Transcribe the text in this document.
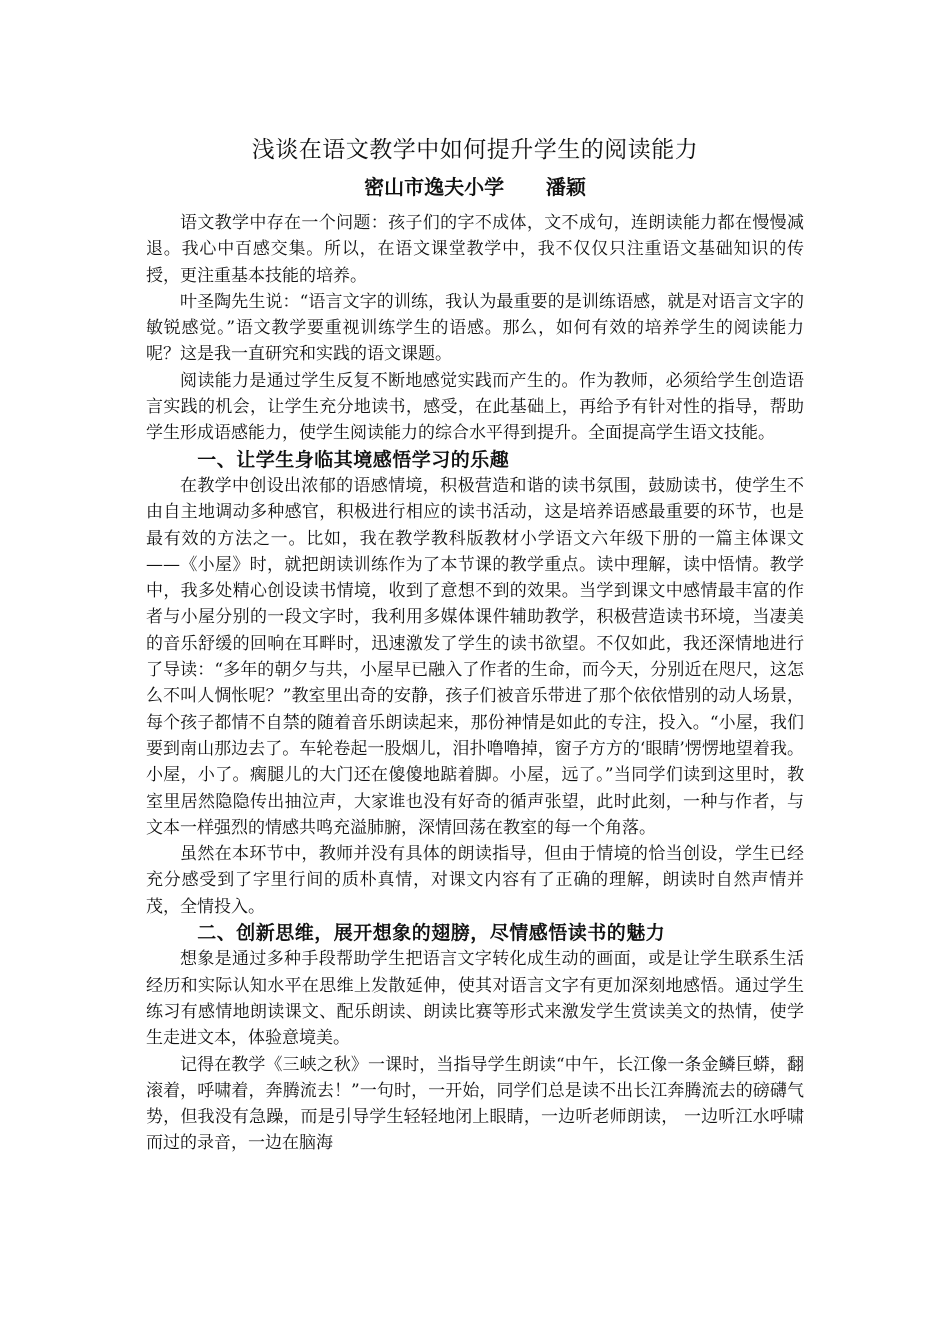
浅谈在语文教学中如何提升学生的阅读能力
密山市逸夫小学      潘颖

语文教学中存在一个问题：孩子们的字不成体，文不成句，连朗读能力都在慢慢减退。我心中百感交集。所以，在语文课堂教学中，我不仅仅只注重语文基础知识的传授，更注重基本技能的培养。

叶圣陶先生说：“语言文字的训练，我认为最重要的是训练语感，就是对语言文字的敏锐感觉。”语文教学要重视训练学生的语感。那么，如何有效的培养学生的阅读能力呢？这是我一直研究和实践的语文课题。

阅读能力是通过学生反复不断地感觉实践而产生的。作为教师，必须给学生创造语言实践的机会，让学生充分地读书，感受，在此基础上，再给予有针对性的指导，帮助学生形成语感能力，使学生阅读能力的综合水平得到提升。全面提高学生语文技能。

一、让学生身临其境感悟学习的乐趣

在教学中创设出浓郁的语感情境，积极营造和谐的读书氛围，鼓励读书，使学生不由自主地调动多种感官，积极进行相应的读书活动，这是培养语感最重要的环节，也是最有效的方法之一。比如，我在教学教科版教材小学语文六年级下册的一篇主体课文——《小屋》时，就把朗读训练作为了本节课的教学重点。读中理解，读中悟情。教学中，我多处精心创设读书情境，收到了意想不到的效果。当学到课文中感情最丰富的作者与小屋分别的一段文字时，我利用多媒体课件辅助教学，积极营造读书环境，当凄美的音乐舒缓的回响在耳畔时，迅速激发了学生的读书欲望。不仅如此，我还深情地进行了导读：“多年的朝夕与共，小屋早已融入了作者的生命，而今天，分别近在咫尺，这怎么不叫人惆怅呢？”教室里出奇的安静，孩子们被音乐带进了那个依依惜别的动人场景，每个孩子都情不自禁的随着音乐朗读起来，那份神情是如此的专注，投入。“小屋，我们要到南山那边去了。车轮卷起一股烟儿，泪扑噜噜掉，窗子方方的‘眼睛’愣愣地望着我。小屋，小了。瘸腿儿的大门还在傻傻地踮着脚。小屋，远了。”当同学们读到这里时，教室里居然隐隐传出抽泣声，大家谁也没有好奇的循声张望，此时此刻，一种与作者，与文本一样强烈的情感共鸣充溢肺腑，深情回荡在教室的每一个角落。

虽然在本环节中，教师并没有具体的朗读指导，但由于情境的恰当创设，学生已经充分感受到了字里行间的质朴真情，对课文内容有了正确的理解，朗读时自然声情并茂，全情投入。

二、创新思维，展开想象的翅膀，尽情感悟读书的魅力

想象是通过多种手段帮助学生把语言文字转化成生动的画面，或是让学生联系生活经历和实际认知水平在思维上发散延伸，使其对语言文字有更加深刻地感悟。通过学生练习有感情地朗读课文、配乐朗读、朗读比赛等形式来激发学生赏读美文的热情，使学生走进文本，体验意境美。

记得在教学《三峡之秋》一课时，当指导学生朗读“中午，长江像一条金鳞巨蟒，翻滚着，呼啸着，奔腾流去！”一句时，一开始，同学们总是读不出长江奔腾流去的磅礴气势，但我没有急躁，而是引导学生轻轻地闭上眼睛，一边听老师朗读， 一边听江水呼啸而过的录音，一边在脑海
